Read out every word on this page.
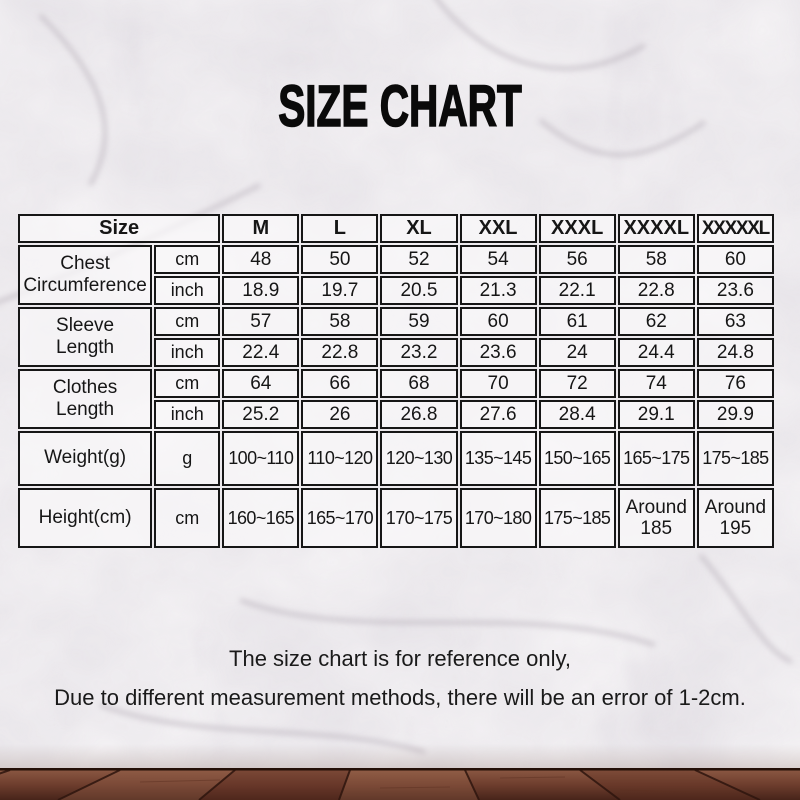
SIZE CHART
Size		M	L	XL	XXL	XXXL	XXXXL	XXXXXL

Chest
Circumference	cm	48	50	52	54	56	58	60
	inch	18.9	19.7	20.5	21.3	22.1	22.8	23.6

Sleeve
Length	cm	57	58	59	60	61	62	63
	inch	22.4	22.8	23.2	23.6	24	24.4	24.8

Clothes
Length	cm	64	66	68	70	72	74	76
	inch	25.2	26	26.8	27.6	28.4	29.1	29.9

Weight(g)	g	100~110	110~120	120~130	135~145	150~165	165~175	175~185

Height(cm)	cm	160~165	165~170	170~175	170~180	175~185	Around 185	Around 195
The size chart is for reference only,
Due to different measurement methods, there will be an error of 1-2cm.
